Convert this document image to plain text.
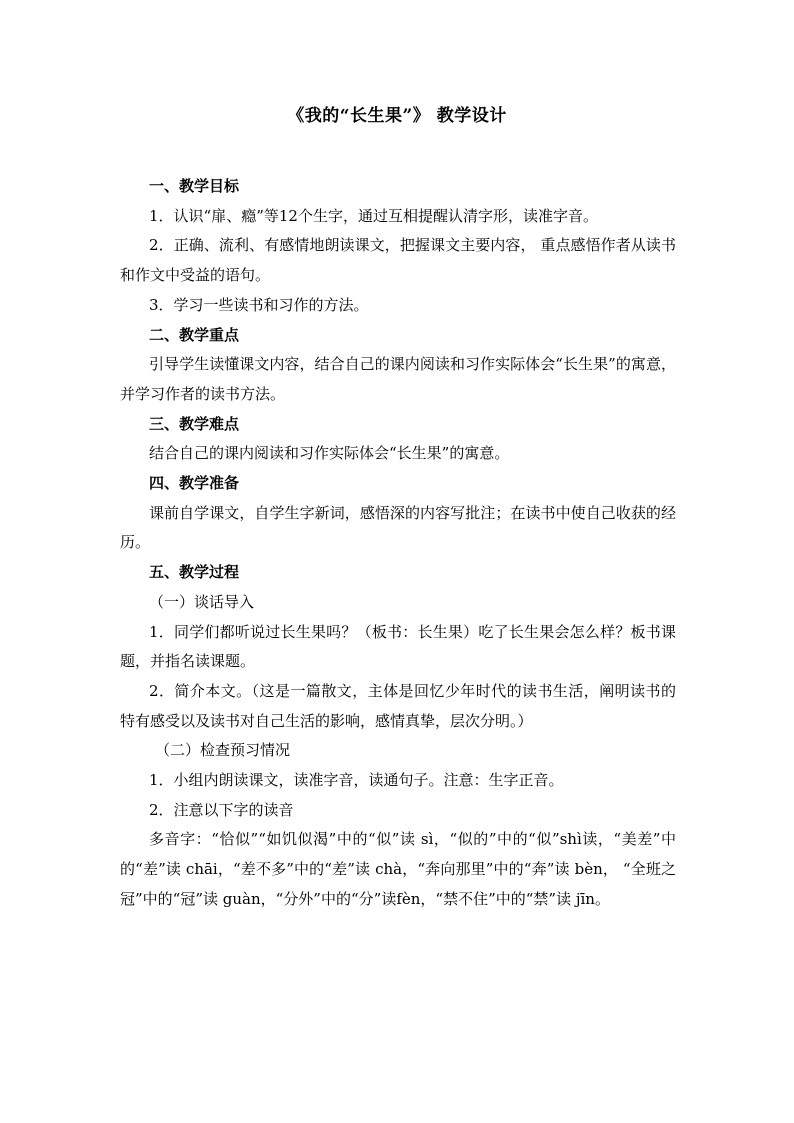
《我的“长生果”》 教学设计

一、教学目标

1．认识“扉、瘾”等12个生字，通过互相提醒认清字形，读准字音。

2．正确、流利、有感情地朗读课文，把握课文主要内容， 重点感悟作者从读书和作文中受益的语句。

3．学习一些读书和习作的方法。

二、教学重点

引导学生读懂课文内容，结合自己的课内阅读和习作实际体会“长生果”的寓意，并学习作者的读书方法。

三、教学难点

结合自己的课内阅读和习作实际体会“长生果”的寓意。

四、教学准备

课前自学课文，自学生字新词，感悟深的内容写批注；在读书中使自己收获的经历。

五、教学过程

（一）谈话导入

1．同学们都听说过长生果吗？（板书：长生果）吃了长生果会怎么样？板书课题，并指名读课题。

2．简介本文。（这是一篇散文，主体是回忆少年时代的读书生活，阐明读书的特有感受以及读书对自己生活的影响，感情真挚，层次分明。）

（二）检查预习情况

1．小组内朗读课文，读准字音，读通句子。注意：生字正音。

2．注意以下字的读音

多音字：“恰似”“如饥似渴”中的“似”读 sì，“似的”中的“似”shì读，“美差”中的“差”读 chāi，“差不多”中的“差”读 chà，“奔向那里”中的“奔”读 bèn， “全班之冠”中的“冠”读 guàn，“分外”中的“分”读fèn，“禁不住”中的“禁”读 jīn。
